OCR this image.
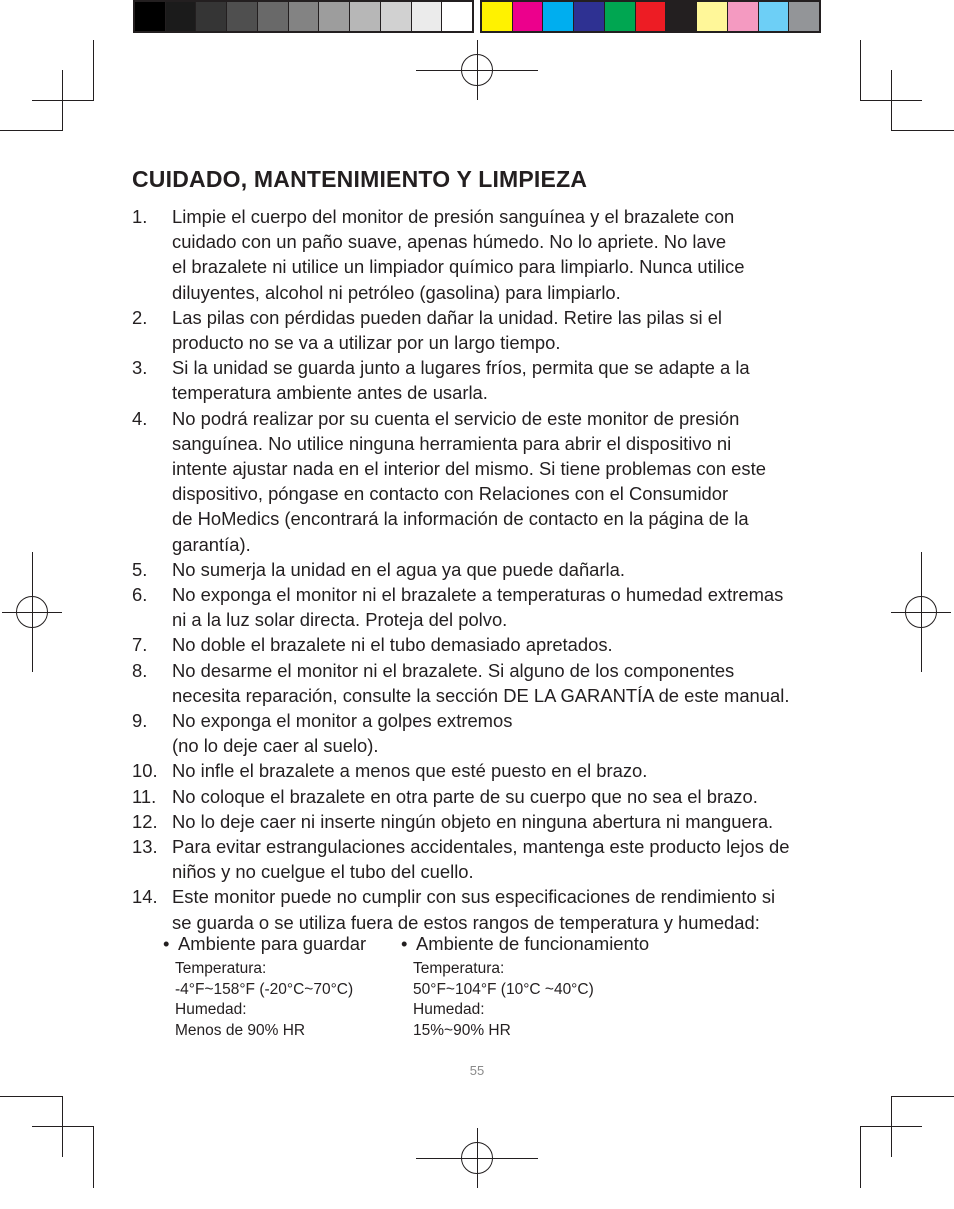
CUIDADO, MANTENIMIENTO Y LIMPIEZA
1. Limpie el cuerpo del monitor de presión sanguínea y el brazalete con
cuidado con un paño suave, apenas húmedo. No lo apriete. No lave
el brazalete ni utilice un limpiador químico para limpiarlo. Nunca utilice
diluyentes, alcohol ni petróleo (gasolina) para limpiarlo.
2. Las pilas con pérdidas pueden dañar la unidad. Retire las pilas si el
producto no se va a utilizar por un largo tiempo.
3. Si la unidad se guarda junto a lugares fríos, permita que se adapte a la
temperatura ambiente antes de usarla.
4. No podrá realizar por su cuenta el servicio de este monitor de presión
sanguínea. No utilice ninguna herramienta para abrir el dispositivo ni
intente ajustar nada en el interior del mismo. Si tiene problemas con este
dispositivo, póngase en contacto con Relaciones con el Consumidor
de HoMedics (encontrará la información de contacto en la página de la
garantía).
5. No sumerja la unidad en el agua ya que puede dañarla.
6. No exponga el monitor ni el brazalete a temperaturas o humedad extremas
ni a la luz solar directa. Proteja del polvo.
7. No doble el brazalete ni el tubo demasiado apretados.
8. No desarme el monitor ni el brazalete. Si alguno de los componentes
necesita reparación, consulte la sección DE LA GARANTÍA de este manual.
9. No exponga el monitor a golpes extremos
(no lo deje caer al suelo).
10. No infle el brazalete a menos que esté puesto en el brazo.
11. No coloque el brazalete en otra parte de su cuerpo que no sea el brazo.
12. No lo deje caer ni inserte ningún objeto en ninguna abertura ni manguera.
13. Para evitar estrangulaciones accidentales, mantenga este producto lejos de
niños y no cuelgue el tubo del cuello.
14. Este monitor puede no cumplir con sus especificaciones de rendimiento si
se guarda o se utiliza fuera de estos rangos de temperatura y humedad:
• Ambiente para guardar
Temperatura:
-4°F~158°F (-20°C~70°C)
Humedad:
Menos de 90% HR
• Ambiente de funcionamiento
Temperatura:
50°F~104°F (10°C ~40°C)
Humedad:
15%~90% HR
55
